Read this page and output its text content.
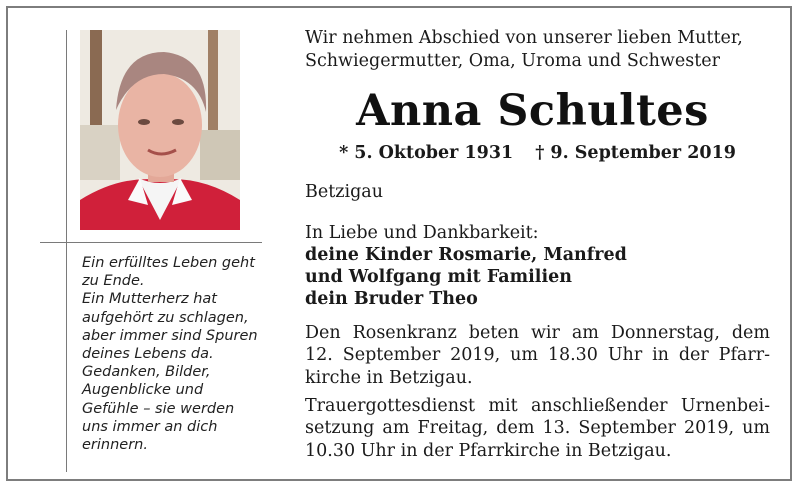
Ein erfülltes Leben geht
zu Ende.
Ein Mutterherz hat
aufgehört zu schlagen,
aber immer sind Spuren
deines Lebens da.
Gedanken, Bilder,
Augenblicke und
Gefühle – sie werden
uns immer an dich
erinnern.
Wir nehmen Abschied von unserer lieben Mutter,
Schwiegermutter, Oma, Uroma und Schwester
Anna Schultes
* 5. Oktober 1931 † 9. September 2019
Betzigau
In Liebe und Dankbarkeit:
deine Kinder Rosmarie, Manfred
und Wolfgang mit Familien
dein Bruder Theo
Den Rosenkranz beten wir am Donnerstag, dem
12. September 2019, um 18.30 Uhr in der Pfarr-
kirche in Betzigau.
Trauergottesdienst mit anschließender Urnenbei-
setzung am Freitag, dem 13. September 2019, um
10.30 Uhr in der Pfarrkirche in Betzigau.
